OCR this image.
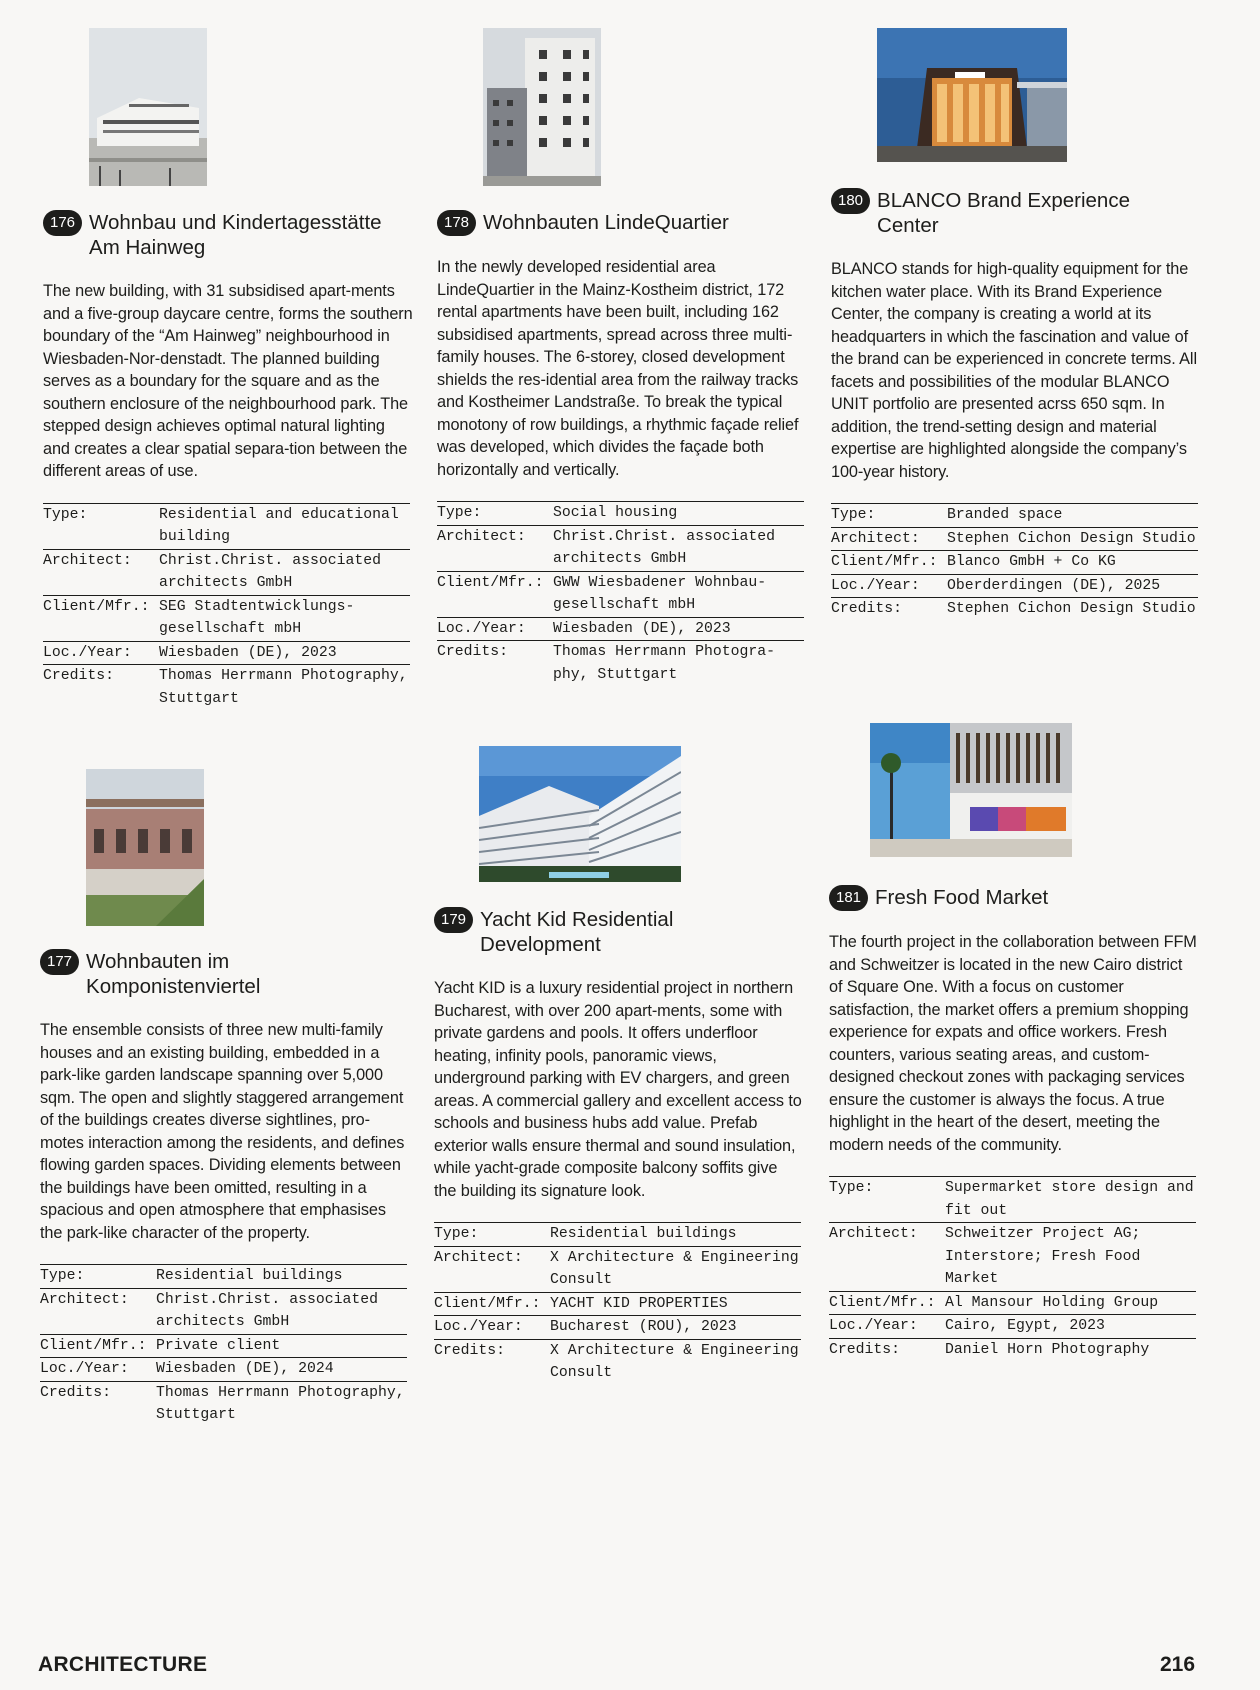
176 Wohnbau und Kindertagesstätte
Am Hainweg

The new building, with 31 subsidised apart-ments and a five-group daycare centre, forms the southern boundary of the “Am Hainweg” neighbourhood in Wiesbaden-Nor-denstadt. The planned building serves as a boundary for the square and as the southern enclosure of the neighbourhood park. The stepped design achieves optimal natural lighting and creates a clear spatial separa-tion between the different areas of use.

Type:	Residential and educational building
Architect:	Christ.Christ. associated architects GmbH
Client/Mfr.:	SEG Stadtentwicklungs-gesellschaft mbH
Loc./Year:	Wiesbaden (DE), 2023
Credits:	Thomas Herrmann Photography, Stuttgart
177 Wohnbauten im
Komponistenviertel

The ensemble consists of three new multi-family houses and an existing building, embedded in a park-like garden landscape spanning over 5,000 sqm. The open and slightly staggered arrangement of the buildings creates diverse sightlines, pro-motes interaction among the residents, and defines flowing garden spaces. Dividing elements between the buildings have been omitted, resulting in a spacious and open atmosphere that emphasises the park-like character of the property.

Type:	Residential buildings
Architect:	Christ.Christ. associated architects GmbH
Client/Mfr.:	Private client
Loc./Year:	Wiesbaden (DE), 2024
Credits:	Thomas Herrmann Photography, Stuttgart
178 Wohnbauten LindeQuartier

In the newly developed residential area LindeQuartier in the Mainz-Kostheim district, 172 rental apartments have been built, including 162 subsidised apartments, spread across three multi-family houses. The 6-storey, closed development shields the res-idential area from the railway tracks and Kostheimer Landstraße. To break the typical monotony of row buildings, a rhythmic façade relief was developed, which divides the façade both horizontally and vertically.

Type:	Social housing
Architect:	Christ.Christ. associated architects GmbH
Client/Mfr.:	GWW Wiesbadener Wohnbau-gesellschaft mbH
Loc./Year:	Wiesbaden (DE), 2023
Credits:	Thomas Herrmann Photogra-phy, Stuttgart
179 Yacht Kid Residential
Development

Yacht KID is a luxury residential project in northern Bucharest, with over 200 apart-ments, some with private gardens and pools. It offers underfloor heating, infinity pools, panoramic views, underground parking with EV chargers, and green areas. A commercial gallery and excellent access to schools and business hubs add value. Prefab exterior walls ensure thermal and sound insulation, while yacht-grade composite balcony soffits give the building its signature look.

Type:	Residential buildings
Architect:	X Architecture & Engineering Consult
Client/Mfr.:	YACHT KID PROPERTIES
Loc./Year:	Bucharest (ROU), 2023
Credits:	X Architecture & Engineering Consult
180 BLANCO Brand Experience
Center

BLANCO stands for high-quality equipment for the kitchen water place. With its Brand Experience Center, the company is creating a world at its headquarters in which the fascination and value of the brand can be experienced in concrete terms. All facets and possibilities of the modular BLANCO UNIT portfolio are presented acrss 650 sqm. In addition, the trend-setting design and material expertise are highlighted alongside the company’s 100-year history.

Type:	Branded space
Architect:	Stephen Cichon Design Studio
Client/Mfr.:	Blanco GmbH + Co KG
Loc./Year:	Oberderdingen (DE), 2025
Credits:	Stephen Cichon Design Studio
181 Fresh Food Market

The fourth project in the collaboration between FFM and Schweitzer is located in the new Cairo district of Square One. With a focus on customer satisfaction, the market offers a premium shopping experience for expats and office workers. Fresh counters, various seating areas, and custom-designed checkout zones with packaging services ensure the customer is always the focus. A true highlight in the heart of the desert, meeting the modern needs of the community.

Type:	Supermarket store design and fit out
Architect:	Schweitzer Project AG; Interstore; Fresh Food Market
Client/Mfr.:	Al Mansour Holding Group
Loc./Year:	Cairo, Egypt, 2023
Credits:	Daniel Horn Photography
ARCHITECTURE	216
